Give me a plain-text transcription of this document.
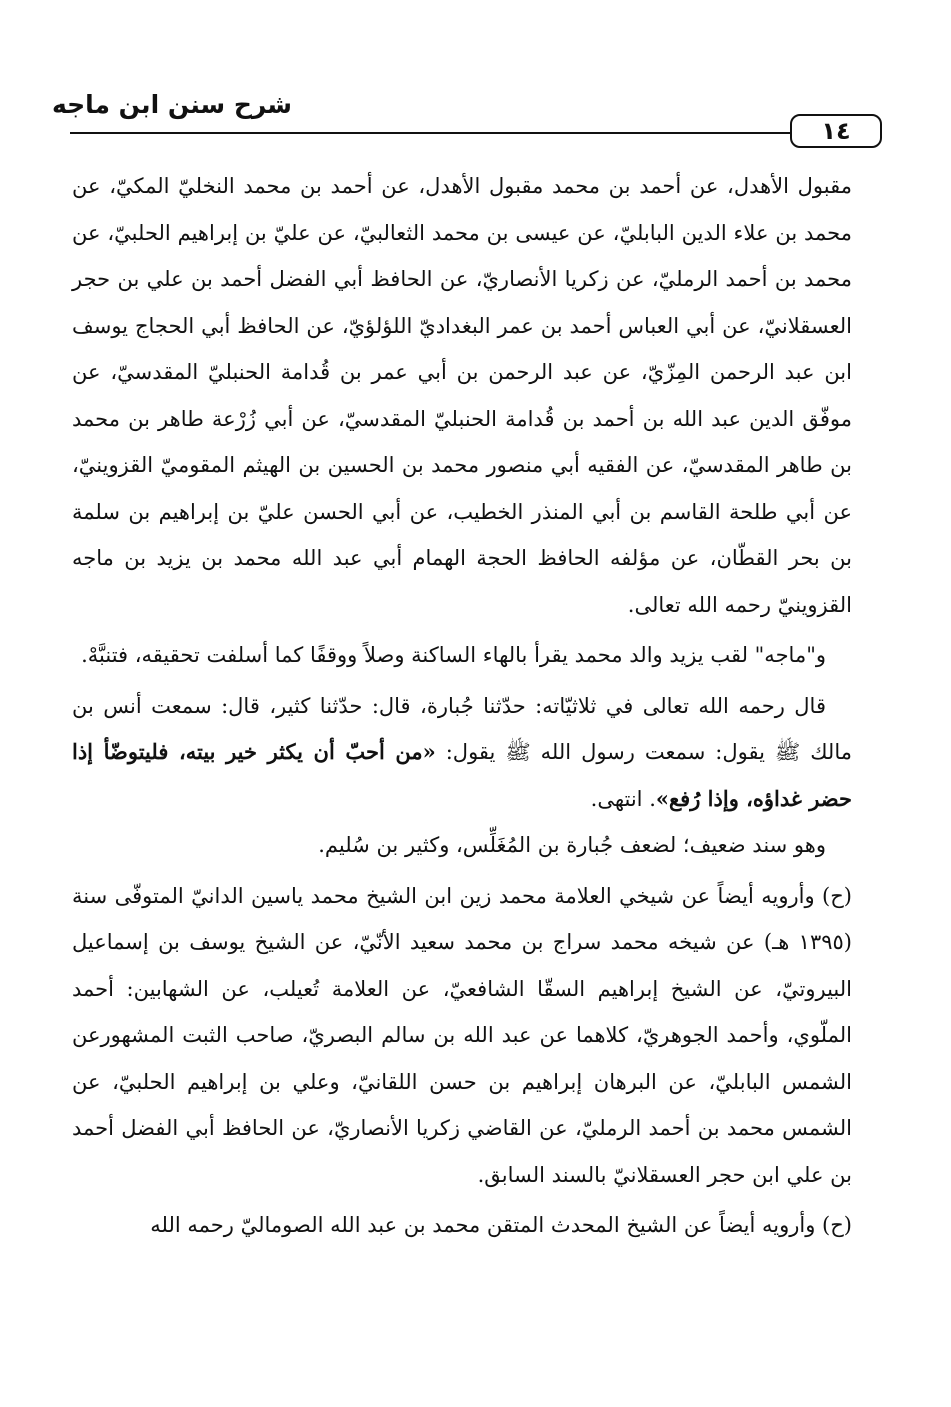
شرح سنن ابن ماجه
١٤

مقبول الأهدل، عن أحمد بن محمد مقبول الأهدل، عن أحمد بن محمد النخليّ المكيّ، عن محمد بن علاء الدين البابليّ، عن عيسى بن محمد الثعالبيّ، عن عليّ بن إبراهيم الحلبيّ، عن محمد بن أحمد الرمليّ، عن زكريا الأنصاريّ، عن الحافظ أبي الفضل أحمد بن علي بن حجر العسقلانيّ، عن أبي العباس أحمد بن عمر البغداديّ اللؤلؤيّ، عن الحافظ أبي الحجاج يوسف ابن عبد الرحمن المِزّيّ، عن عبد الرحمن بن أبي عمر بن قُدامة الحنبليّ المقدسيّ، عن موفّق الدين عبد الله بن أحمد بن قُدامة الحنبليّ المقدسيّ، عن أبي زُرْعة طاهر بن محمد بن طاهر المقدسيّ، عن الفقيه أبي منصور محمد بن الحسين بن الهيثم المقوميّ القزوينيّ، عن أبي طلحة القاسم بن أبي المنذر الخطيب، عن أبي الحسن عليّ بن إبراهيم بن سلمة بن بحر القطّان، عن مؤلفه الحافظ الحجة الهمام أبي عبد الله محمد بن يزيد بن ماجه القزوينيّ رحمه الله تعالى.

و"ماجه" لقب يزيد والد محمد يقرأ بالهاء الساكنة وصلاً ووقفًا كما أسلفت تحقيقه، فتنبَّهْ.

قال رحمه الله تعالى في ثلاثيّاته: حدّثنا جُبارة، قال: حدّثنا كثير، قال: سمعت أنس بن مالك ﷺ يقول: سمعت رسول الله ﷺ يقول: «من أحبّ أن يكثر خير بيته، فليتوضّأ إذا حضر غداؤه، وإذا رُفع». انتهى.

وهو سند ضعيف؛ لضعف جُبارة بن المُغَلِّس، وكثير بن سُليم.

(ح) وأرويه أيضاً عن شيخي العلامة محمد زين ابن الشيخ محمد ياسين الدانيّ المتوفّى سنة (١٣٩٥ هـ) عن شيخه محمد سراج بن محمد سعيد الأنّيّ، عن الشيخ يوسف بن إسماعيل البيروتيّ، عن الشيخ إبراهيم السقّا الشافعيّ، عن العلامة تُعيلب، عن الشهابين: أحمد الملّوي، وأحمد الجوهريّ، كلاهما عن عبد الله بن سالم البصريّ، صاحب الثبت المشهورعن الشمس البابليّ، عن البرهان إبراهيم بن حسن اللقانيّ، وعلي بن إبراهيم الحلبيّ، عن الشمس محمد بن أحمد الرمليّ، عن القاضي زكريا الأنصاريّ، عن الحافظ أبي الفضل أحمد بن علي ابن حجر العسقلانيّ بالسند السابق.

(ح) وأرويه أيضاً عن الشيخ المحدث المتقن محمد بن عبد الله الصوماليّ رحمه الله
